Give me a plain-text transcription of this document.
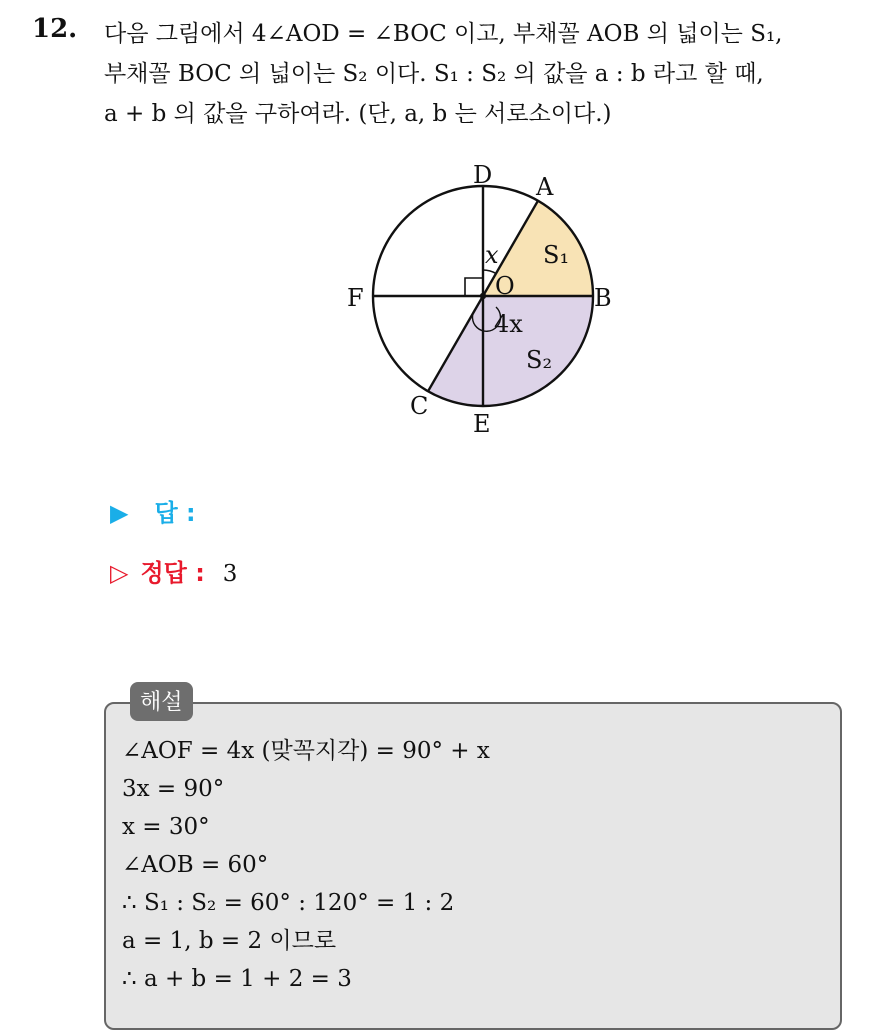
12. 다음 그림에서 4∠AOD = ∠BOC 이고, 부채꼴 AOB 의 넓이는 S₁,
부채꼴 BOC 의 넓이는 S₂ 이다. S₁ : S₂ 의 값을 a : b 라고 할 때,
a + b 의 값을 구하여라. (단, a, b 는 서로소이다.)
D A
B
O
F
C
E
x
4x
S₁
S₂
▶ 답 :
▷ 정답 : 3
해설
∠AOF = 4x (맞꼭지각) = 90° + x
3x = 90°
x = 30°
∠AOB = 60°
∴ S₁ : S₂ = 60° : 120° = 1 : 2
a = 1, b = 2 이므로
∴ a + b = 1 + 2 = 3
